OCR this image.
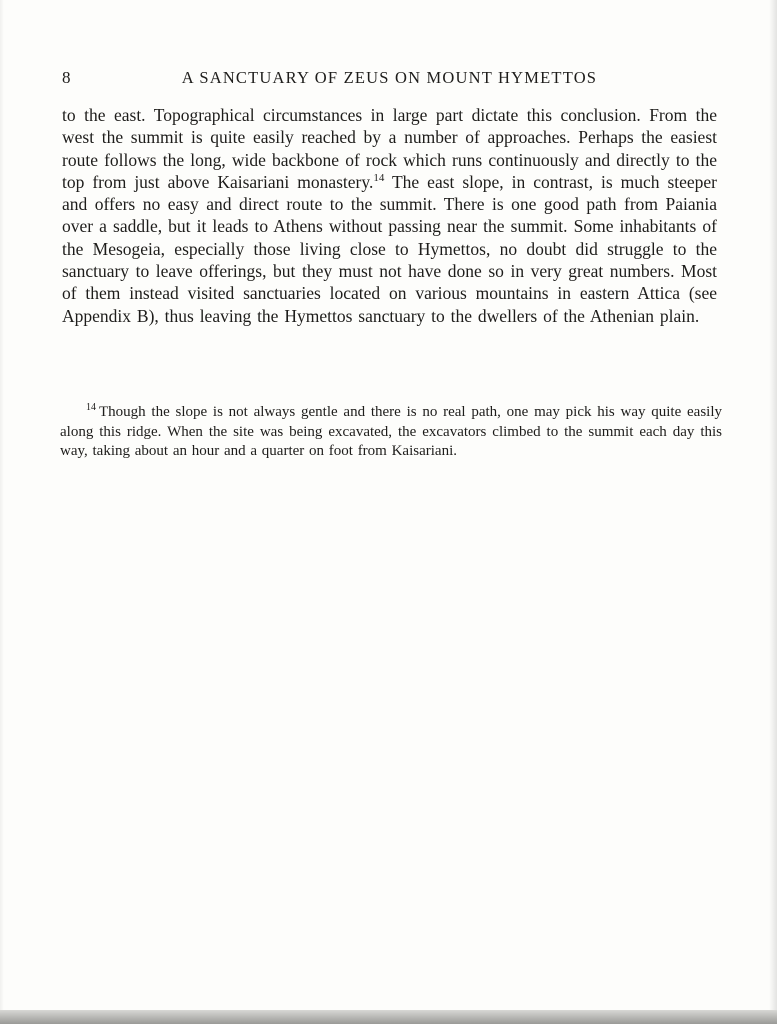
8	A SANCTUARY OF ZEUS ON MOUNT HYMETTOS
to the east. Topographical circumstances in large part dictate this conclusion. From the west the summit is quite easily reached by a number of approaches. Perhaps the easiest route follows the long, wide backbone of rock which runs continuously and directly to the top from just above Kaisariani monastery.$^{14}$ The east slope, in contrast, is much steeper and offers no easy and direct route to the summit. There is one good path from Paiania over a saddle, but it leads to Athens without passing near the summit. Some inhabitants of the Mesogeia, especially those living close to Hymettos, no doubt did struggle to the sanctuary to leave offerings, but they must not have done so in very great numbers. Most of them instead visited sanctuaries located on various mountains in eastern Attica (see Appendix B), thus leaving the Hymettos sanctuary to the dwellers of the Athenian plain.
$^{14}$ Though the slope is not always gentle and there is no real path, one may pick his way quite easily along this ridge. When the site was being excavated, the excavators climbed to the summit each day this way, taking about an hour and a quarter on foot from Kaisariani.
